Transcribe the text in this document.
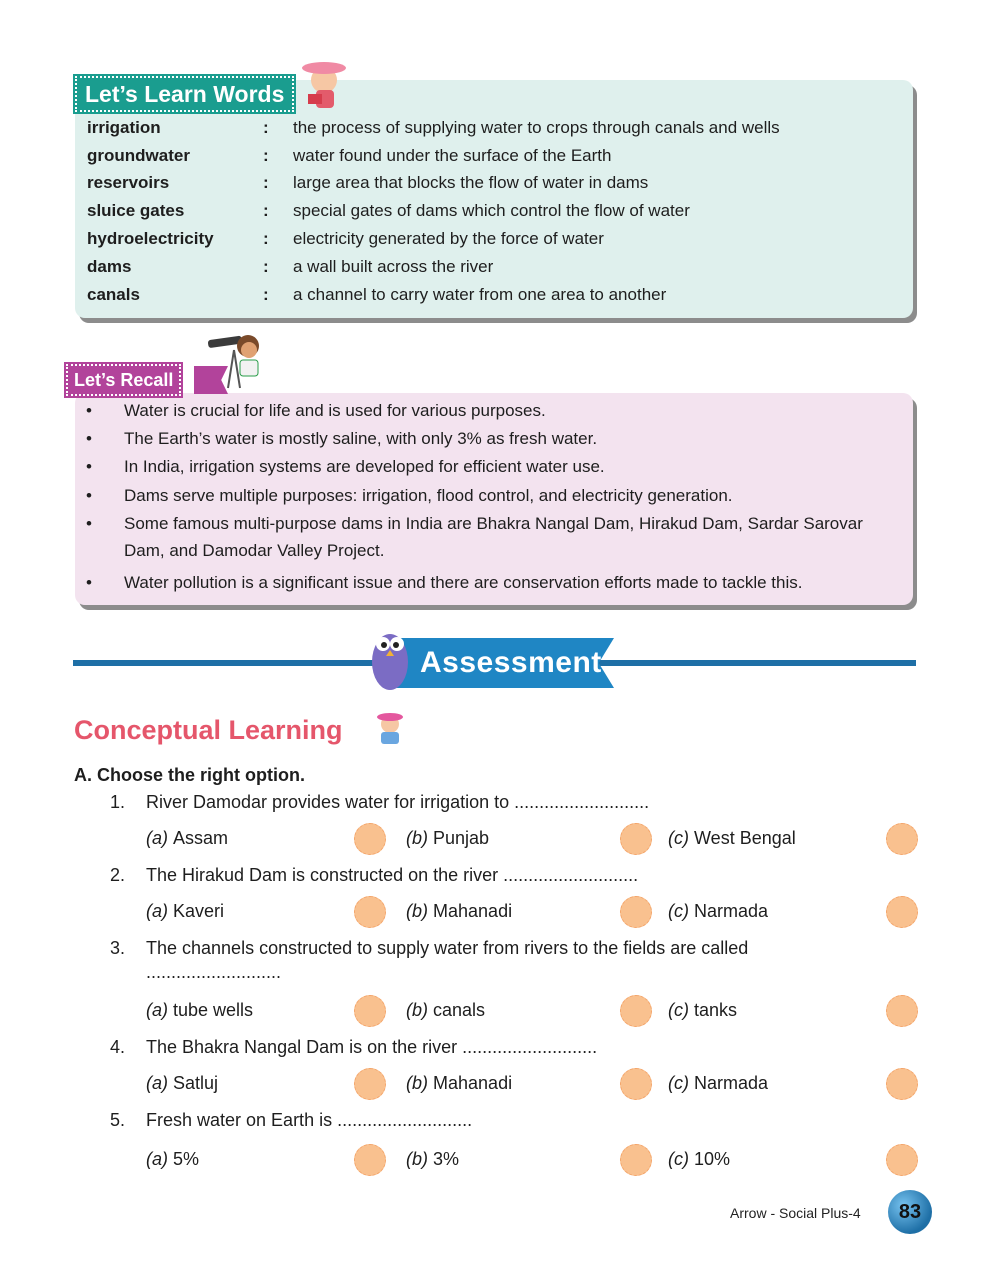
Let’s Learn Words
irrigation	: the process of supplying water to crops through canals and wells
groundwater	: water found under the surface of the Earth
reservoirs	: large area that blocks the flow of water in dams
sluice gates	: special gates of dams which control the flow of water
hydroelectricity	: electricity generated by the force of water
dams	: a wall built across the river
canals	: a channel to carry water from one area to another
Let’s Recall
• Water is crucial for life and is used for various purposes.
• The Earth’s water is mostly saline, with only 3% as fresh water.
• In India, irrigation systems are developed for efficient water use.
• Dams serve multiple purposes: irrigation, flood control, and electricity generation.
• Some famous multi-purpose dams in India are Bhakra Nangal Dam, Hirakud Dam, Sardar Sarovar Dam, and Damodar Valley Project.
• Water pollution is a significant issue and there are conservation efforts made to tackle this.
Assessment
Conceptual Learning
A. Choose the right option.
1. River Damodar provides water for irrigation to ...........................
(a) Assam	(b) Punjab	(c) West Bengal
2. The Hirakud Dam is constructed on the river ...........................
(a) Kaveri	(b) Mahanadi	(c) Narmada
3. The channels constructed to supply water from rivers to the fields are called ...........................
(a) tube wells	(b) canals	(c) tanks
4. The Bhakra Nangal Dam is on the river ...........................
(a) Satluj	(b) Mahanadi	(c) Narmada
5. Fresh water on Earth is ...........................
(a) 5%	(b) 3%	(c) 10%
Arrow - Social Plus-4	83
